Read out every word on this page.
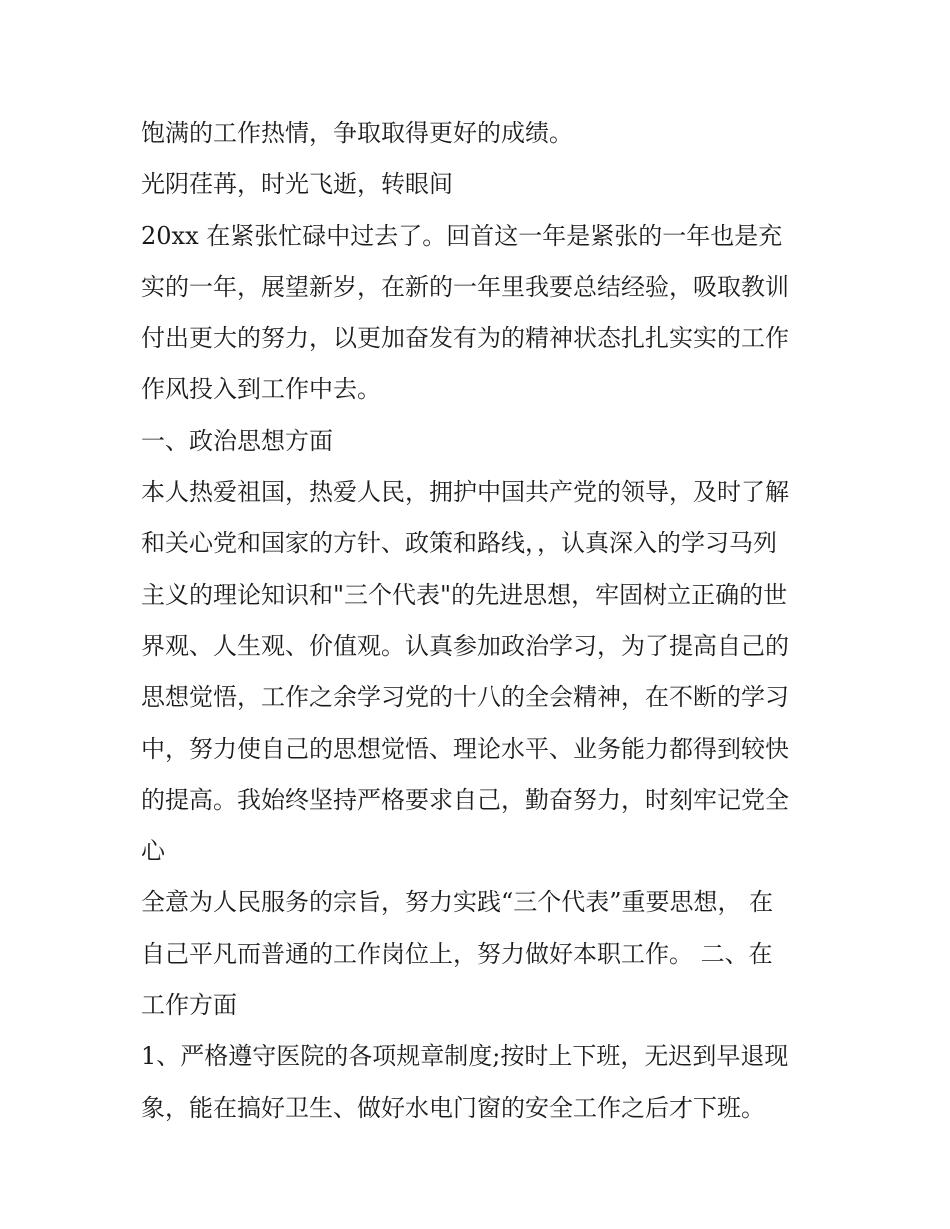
饱满的工作热情，争取取得更好的成绩。
光阴荏苒，时光飞逝，转眼间
20xx 在紧张忙碌中过去了。回首这一年是紧张的一年也是充
实的一年，展望新岁，在新的一年里我要总结经验，吸取教训
付出更大的努力，以更加奋发有为的精神状态扎扎实实的工作
作风投入到工作中去。
一、政治思想方面
本人热爱祖国，热爱人民，拥护中国共产党的领导，及时了解
和关心党和国家的方针、政策和路线，，认真深入的学习马列
主义的理论知识和"三个代表"的先进思想，牢固树立正确的世
界观、人生观、价值观。认真参加政治学习，为了提高自己的
思想觉悟，工作之余学习党的十八的全会精神，在不断的学习
中，努力使自己的思想觉悟、理论水平、业务能力都得到较快
的提高。我始终坚持严格要求自己，勤奋努力，时刻牢记党全
心
全意为人民服务的宗旨，努力实践“三个代表”重要思想， 在
自己平凡而普通的工作岗位上，努力做好本职工作。 二、在
工作方面
1、严格遵守医院的各项规章制度;按时上下班，无迟到早退现
象，能在搞好卫生、做好水电门窗的安全工作之后才下班。
